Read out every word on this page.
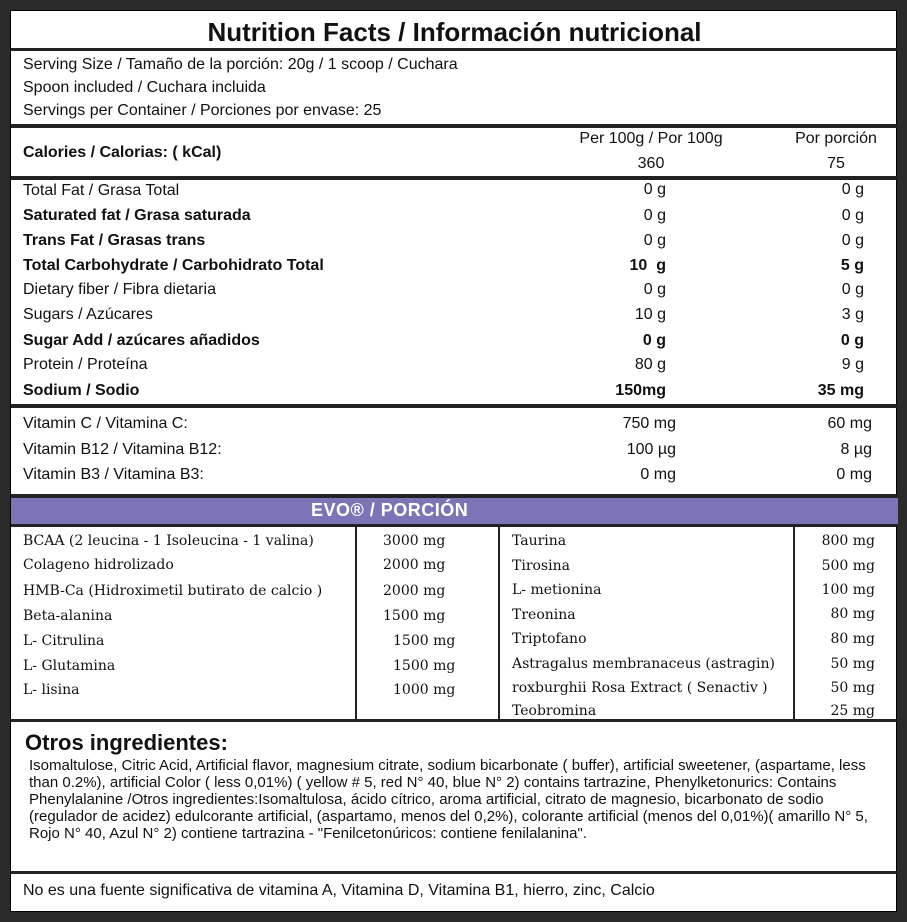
Nutrition Facts / Información nutricional
Serving Size / Tamaño de la porción: 20g / 1 scoop / Cuchara
Spoon included / Cuchara incluida
Servings per Container / Porciones por envase: 25
Per 100g / Por 100g	Por porción
Calories / Calorias: ( kCal)
360	75
Total Fat / Grasa Total	0 g	0 g
Saturated fat / Grasa saturada	0 g	0 g
Trans Fat / Grasas trans	0 g	0 g
Total Carbohydrate / Carbohidrato Total	10  g	5 g
Dietary fiber / Fibra dietaria	0 g	0 g
Sugars / Azúcares	10 g	3 g
Sugar Add / azúcares añadidos	0 g	0 g
Protein / Proteína	80 g	9 g
Sodium / Sodio	150mg	35 mg
Vitamin C / Vitamina C:	750 mg	60 mg
Vitamin B12 / Vitamina B12:	100 µg	8 µg
Vitamin B3 / Vitamina B3:	0 mg	0 mg
EVO® / PORCIÓN
BCAA (2 leucina - 1 Isoleucina - 1 valina)	3000 mg
Colageno hidrolizado	2000 mg
HMB-Ca (Hidroximetil butirato de calcio )	2000 mg
Beta-alanina	1500 mg
L- Citrulina	1500 mg
L- Glutamina	1500 mg
L- lisina	1000 mg
Taurina	800 mg
Tirosina	500 mg
L- metionina	100 mg
Treonina	80 mg
Triptofano	80 mg
Astragalus membranaceus (astragin)	50 mg
roxburghii Rosa Extract ( Senactiv )	50 mg
Teobromina	25 mg
Otros ingredientes:
Isomaltulose, Citric Acid, Artificial flavor, magnesium citrate, sodium bicarbonate ( buffer), artificial sweetener, (aspartame, less than 0.2%), artificial Color ( less 0,01%) ( yellow # 5, red N° 40, blue N° 2) contains tartrazine, Phenylketonurics: Contains Phenylalanine /Otros ingredientes:Isomaltulosa, ácido cítrico, aroma artificial, citrato de magnesio, bicarbonato de sodio (regulador de acidez) edulcorante artificial, (aspartamo, menos del 0,2%), colorante artificial (menos del 0,01%)( amarillo N° 5, Rojo N° 40, Azul N° 2) contiene tartrazina - "Fenilcetonúricos: contiene fenilalanina".
No es una fuente significativa de vitamina A, Vitamina D, Vitamina B1, hierro, zinc, Calcio
